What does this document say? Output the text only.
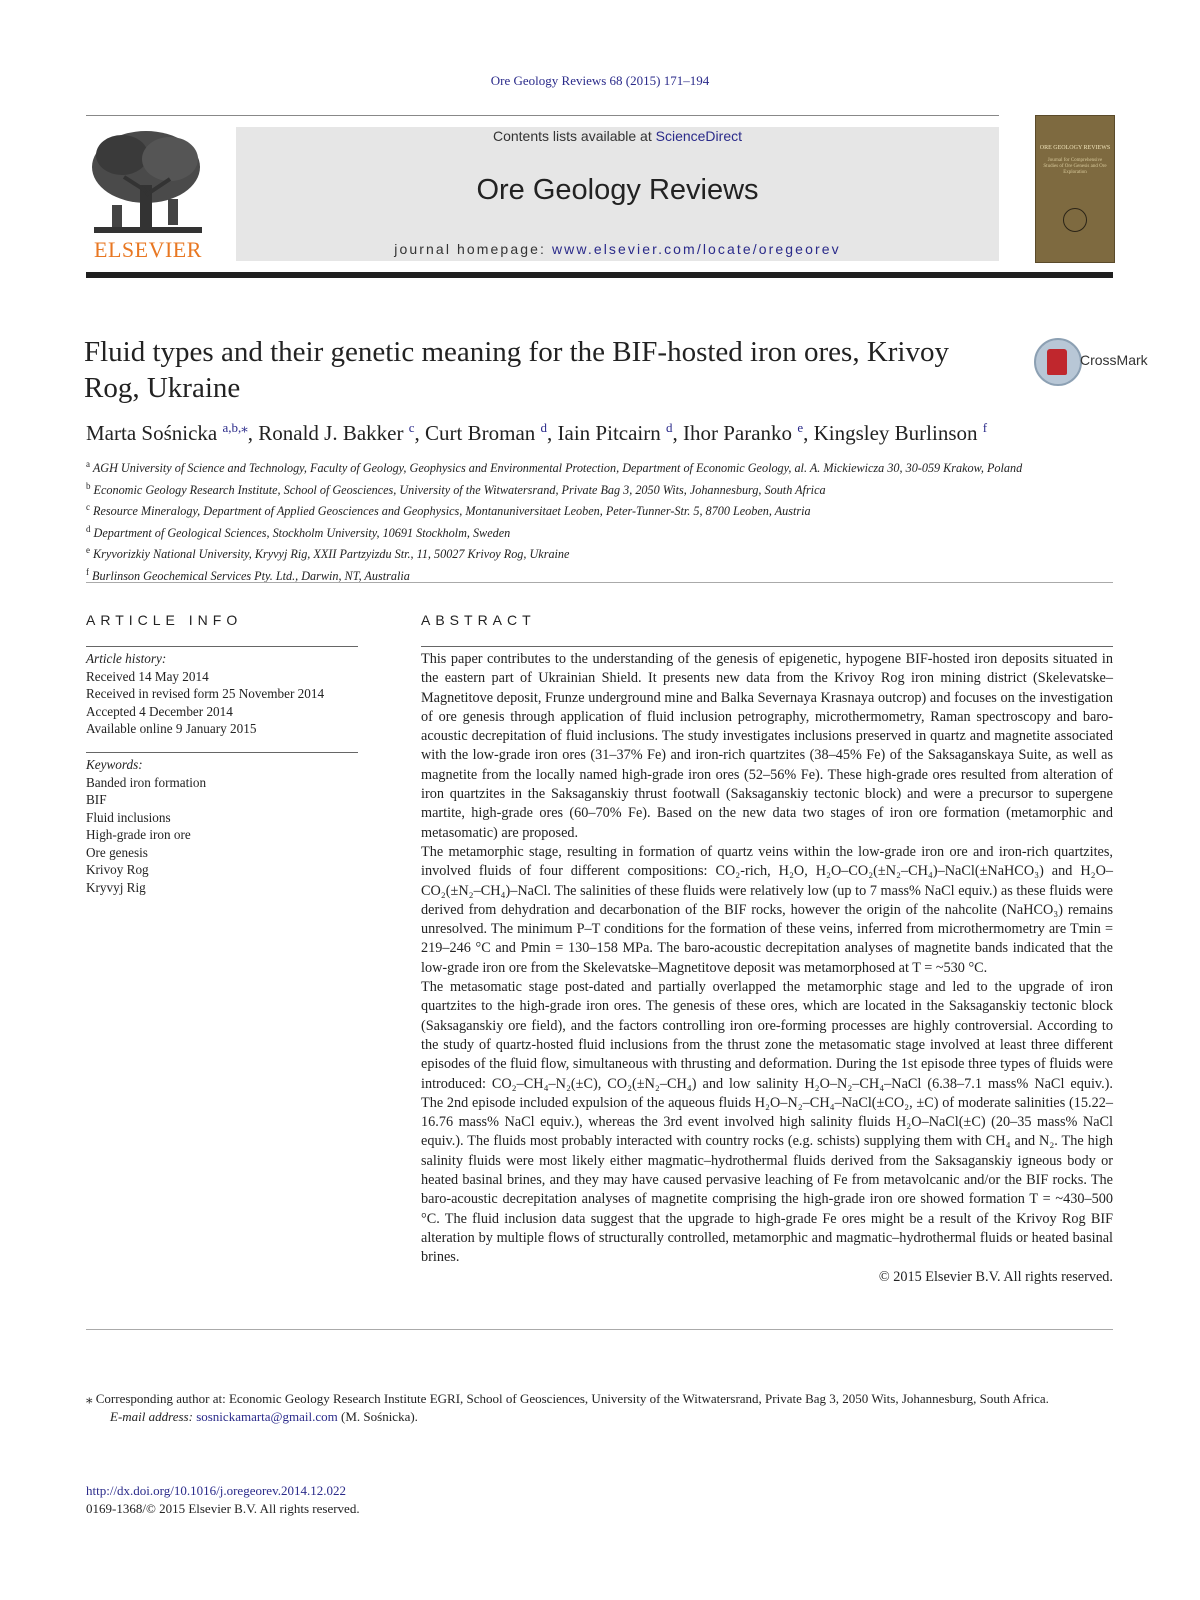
Ore Geology Reviews 68 (2015) 171–194
ELSEVIER
Contents lists available at ScienceDirect
Ore Geology Reviews
journal homepage: www.elsevier.com/locate/oregeorev
ORE GEOLOGY REVIEWS
Journal for Comprehensive Studies of Ore Genesis and Ore Exploration
Fluid types and their genetic meaning for the BIF-hosted iron ores, Krivoy Rog, Ukraine
CrossMark
Marta Sośnicka $^{a,b,⁎}$, Ronald J. Bakker $^c$, Curt Broman $^d$, Iain Pitcairn $^d$, Ihor Paranko $^e$, Kingsley Burlinson $^f$
$^a$ AGH University of Science and Technology, Faculty of Geology, Geophysics and Environmental Protection, Department of Economic Geology, al. A. Mickiewicza 30, 30-059 Krakow, Poland
$^b$ Economic Geology Research Institute, School of Geosciences, University of the Witwatersrand, Private Bag 3, 2050 Wits, Johannesburg, South Africa
$^c$ Resource Mineralogy, Department of Applied Geosciences and Geophysics, Montanuniversitaet Leoben, Peter-Tunner-Str. 5, 8700 Leoben, Austria
$^d$ Department of Geological Sciences, Stockholm University, 10691 Stockholm, Sweden
$^e$ Kryvorizkiy National University, Kryvyj Rig, XXII Partzyizdu Str., 11, 50027 Krivoy Rog, Ukraine
$^f$ Burlinson Geochemical Services Pty. Ltd., Darwin, NT, Australia
ARTICLE INFO
Article history:
Received 14 May 2014
Received in revised form 25 November 2014
Accepted 4 December 2014
Available online 9 January 2015
Keywords:
Banded iron formation
BIF
Fluid inclusions
High-grade iron ore
Ore genesis
Krivoy Rog
Kryvyj Rig
ABSTRACT

This paper contributes to the understanding of the genesis of epigenetic, hypogene BIF-hosted iron deposits situated in the eastern part of Ukrainian Shield. It presents new data from the Krivoy Rog iron mining district (Skelevatske–Magnetitove deposit, Frunze underground mine and Balka Severnaya Krasnaya outcrop) and focuses on the investigation of ore genesis through application of fluid inclusion petrography, microthermometry, Raman spectroscopy and baro-acoustic decrepitation of fluid inclusions. The study investigates inclusions preserved in quartz and magnetite associated with the low-grade iron ores (31–37% Fe) and iron-rich quartzites (38–45% Fe) of the Saksaganskaya Suite, as well as magnetite from the locally named high-grade iron ores (52–56% Fe). These high-grade ores resulted from alteration of iron quartzites in the Saksaganskiy thrust footwall (Saksaganskiy tectonic block) and were a precursor to supergene martite, high-grade ores (60–70% Fe). Based on the new data two stages of iron ore formation (metamorphic and metasomatic) are proposed.

The metamorphic stage, resulting in formation of quartz veins within the low-grade iron ore and iron-rich quartzites, involved fluids of four different compositions: CO₂-rich, H₂O, H₂O–CO₂(±N₂–CH₄)–NaCl(±NaHCO₃) and H₂O–CO₂(±N₂–CH₄)–NaCl. The salinities of these fluids were relatively low (up to 7 mass% NaCl equiv.) as these fluids were derived from dehydration and decarbonation of the BIF rocks, however the origin of the nahcolite (NaHCO₃) remains unresolved. The minimum P–T conditions for the formation of these veins, inferred from microthermometry are Tmin = 219–246 °C and Pmin = 130–158 MPa. The baro-acoustic decrepitation analyses of magnetite bands indicated that the low-grade iron ore from the Skelevatske–Magnetitove deposit was metamorphosed at T = ~530 °C.

The metasomatic stage post-dated and partially overlapped the metamorphic stage and led to the upgrade of iron quartzites to the high-grade iron ores. The genesis of these ores, which are located in the Saksaganskiy tectonic block (Saksaganskiy ore field), and the factors controlling iron ore-forming processes are highly controversial. According to the study of quartz-hosted fluid inclusions from the thrust zone the metasomatic stage involved at least three different episodes of the fluid flow, simultaneous with thrusting and deformation. During the 1st episode three types of fluids were introduced: CO₂–CH₄–N₂(±C), CO₂(±N₂–CH₄) and low salinity H₂O–N₂–CH₄–NaCl (6.38–7.1 mass% NaCl equiv.). The 2nd episode included expulsion of the aqueous fluids H₂O–N₂–CH₄–NaCl(±CO₂, ±C) of moderate salinities (15.22–16.76 mass% NaCl equiv.), whereas the 3rd event involved high salinity fluids H₂O–NaCl(±C) (20–35 mass% NaCl equiv.). The fluids most probably interacted with country rocks (e.g. schists) supplying them with CH₄ and N₂. The high salinity fluids were most likely either magmatic–hydrothermal fluids derived from the Saksaganskiy igneous body or heated basinal brines, and they may have caused pervasive leaching of Fe from metavolcanic and/or the BIF rocks. The baro-acoustic decrepitation analyses of magnetite comprising the high-grade iron ore showed formation T = ~430–500 °C. The fluid inclusion data suggest that the upgrade to high-grade Fe ores might be a result of the Krivoy Rog BIF alteration by multiple flows of structurally controlled, metamorphic and magmatic–hydrothermal fluids or heated basinal brines.

© 2015 Elsevier B.V. All rights reserved.

⁎ Corresponding author at: Economic Geology Research Institute EGRI, School of Geosciences, University of the Witwatersrand, Private Bag 3, 2050 Wits, Johannesburg, South Africa.
E-mail address: sosnickamarta@gmail.com (M. Sośnicka).
http://dx.doi.org/10.1016/j.oregeorev.2014.12.022
0169-1368/© 2015 Elsevier B.V. All rights reserved.
